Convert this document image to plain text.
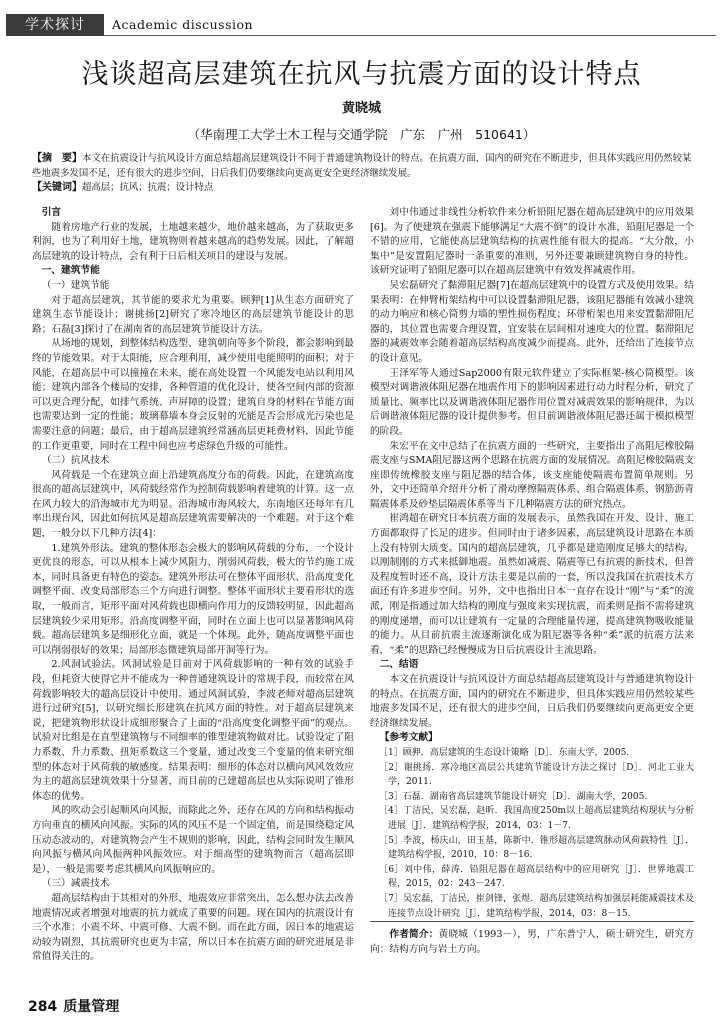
学术探讨	Academic discussion
浅谈超高层建筑在抗风与抗震方面的设计特点
黄晓城
（华南理工大学土木工程与交通学院　广东　广州　510641）

【摘　要】本文在抗震设计与抗风设计方面总结超高层建筑设计不同于普通建筑物设计的特点。在抗震方面，国内的研究在不断进步，但具体实践应用仍然较某些地震多发国不足，还有很大的进步空间，日后我们仍要继续向更高更安全更经济继续发展。

【关键词】超高层；抗风；抗震；设计特点

引言

随着房地产行业的发展，土地越来越少，地价越来越高，为了获取更多利润，也为了利用好土地，建筑物则着越来越高的趋势发展。因此，了解超高层建筑的设计特点，会有利于日后相关项目的建设与发展。

一、建筑节能

（一）建筑节能

对于超高层建筑，其节能的要求尤为重要。顾狎[1]从生态方面研究了建筑生态节能设计；谢挑扬[2]研究了寒冷地区的高层建筑节能设计的思路；石磊[3]探讨了在湖南省的高层建筑节能设计方法。

从场地的规划，到整体结构选型、建筑朝向等多个阶段，都会影响到最终的节能效果。对于太阳能，应合理利用，减少使用电能照明的面积；对于风能，在超高层中可以撞撞在未来，能在高处设置一个风能发电站以利用风能；建筑内部各个楼局的安排，各种管道的优化设计，使各空间内部的资源可以更合理分配，如排气系统、声屏障的设置；建筑自身的材料在节能方面也需要达到一定的性能；玻璃幕墙本身会反射的光能是否会形成光污染也是需要注意的问题；最后，由于超高层建筑经常涵高层更耗费材料，因此节能的工作更重要，同时在工程中间也应考虑绿色升级的可能性。

（二）抗风技术

风荷载是一个在建筑立面上沿建筑高度分布的荷载。因此，在建筑高度很高的超高层建筑中，风荷载经常作为控制荷载影响着建筑的计算。这一点在风力较大的沿海城市尤为明显。沿海城市海风较大，东南地区还每年有几率出现台风，因此如何抗风是超高层建筑需要解决的一个难题。对于这个难题，一般分以下几种方法[4]：

1.建筑外形法。建筑的整体形态会极大的影响风荷载的分布，一个设计更优良的形态，可以从根本上减少风阻力，削弱风荷载，极大的节约施工成本，同时具备更有特色的姿态。建筑外形法可在整体平面形状、沿高度变化调整平面、改变局部形态三个方向进行调整。整体平面形状主要看形状的选取，一般而言，矩形平面对风荷载也即横向作用力的反馈较明显，因此超高层建筑较少采用矩形。沿高度调整平面，同时在立面上也可以显著影响风荷载。超高层建筑多是细形化立面，就是一个体现。此外，随高度调整平面也可以削弱很好的效果；局部形态微建筑局部开洞等行为。

2.风洞试验法。风洞试验是目前对于风荷载影响的一种有效的试验手段，但耗资大使得它并不能成为一种普通建筑设计的常规手段，而较常在风荷载影响较大的超高层设计中使用。通过风洞试验，李波老师对超高层建筑进行过研究[5]，以研究细长形建筑在抗风方面的特性。对于超高层建筑来说，把建筑物形状设计成细形聚合了上面的“沿高度变化调整平面”的观点。试验对比组是在直型建筑物与不同细率的锥型建筑物做对比。试验设定了阻力系数、升力系数、扭矩系数这三个变量，通过改变三个变量的值来研究细型的体态对于风荷载的敏感度。结果表明：细形的体态对以横向风风效效应为主的超高层建筑效果十分显著，而目前的已建超高层也从实际说明了锥形体态的优势。

风的吹动会引起顺风向风振，而除此之外，还存在风的方向和结构振动方向垂直的横风向风振。实际的风的风压不是一个固定值，而是围绕稳定风压动态波动的，对建筑物会产生不规则的影响，因此，结构会同时发生顺风向风振与横风向风振两种风振效应。对于细高型的建筑物而言（超高层即是），一般是需要考虑其横风向风振响应的。

（三）减震技术

超高层结构由于其相对的外形、地震效应非常突出，怎么想办法去改善地震情况或者增强对地震的抗力就成了重要的问题。现在国内的抗震设计有三个水准：小震不坏、中震可修、大震不倒。而在此方面，因日本的地震运动较为剧烈，其抗震研究也更为丰富，所以日本在抗震方面的研究进展是非常值得关注的。

刘中伟通过非线性分析软件来分析铅阻尼器在超高层建筑中的应用效果[6]。为了使建筑在强震下能够满足“大震不倒”的设计水准，铅阻尼器是一个不错的应用，它能使高层建筑结构的抗震性能有很大的提高。“大分散，小集中”是安置阻尼器时一条重要的准则，另外还要兼顾建筑物自身的特性。该研究证明了铅阻尼器可以在超高层建筑中有效发挥减震作用。

吴宏磊研究了黏滞阻尼器[7]在超高层建筑中的设置方式及使用效果。结果表明：在伸臂桁架结构中可以设置黏滞阻尼器，该阻尼器能有效减小建筑的动力响应和核心筒剪力墙的塑性损伤程度；环带桁架也用来安置黏滞阻尼器的，其位置也需要合理设置，宜安装在层间相对速度大的位置。黏滞阻尼器的减震效率会随着超高层结构高度减少而提高。此外，还给出了连接节点的设计意见。

王泽军等人通过Sap2000有限元软件建立了实际框架-核心筒模型。该模型对调谐液体阻尼器在地震作用下的影响因素进行动力时程分析，研究了质量比、频率比以及调谐液体阻尼器作用位置对减震效果的影响规律，为以后调谐液体阻尼器的设计提供参考。但目前调谐液体阻尼器还属于模拟模型的阶段。

朱宏平在文中总结了在抗震方面的一些研究，主要指出了高阻尼橡胶隔震支座与SMA阻尼器这两个思路在抗震方面的发展情况。高阻尼橡胶隔震支座即传统橡胶支座与阻尼器的结合体，该支座能使隔震布置简单规则。另外，文中还简单介绍并分析了滑动摩擦隔震体系、组合隔震体系、钢筋沥青隔震体系及砂垫层隔震体系等当下几种隔震方法的研究热点。

崔鸿超在研究日本抗震方面的发展表示，虽然我国在开发、设计、施工方面都取得了长足的进步。但同时由于诸多因素，高层建筑设计思路在本质上没有特别大质变。国内的超高层建筑，几乎都是建造刚度足够大的结构，以刚制刚的方式来抵御地震。虽然如减震、隔震等已有抗震的新技术，但普及程度暂时还不高，设计方法主要是以前的一套，所以没我国在抗震技术方面还有许多进步空间。另外，文中也指出日本一直存在设计“刚”与“柔”的流派，刚是指通过加大结构的刚度与强度来实现抗震，而柔则是指不需将建筑的刚度递增，而可以让建筑有一定量的合理能量传递，提高建筑物吸收能量的能力。从目前抗震主流逐渐演化成为阻尼器等各种“柔”派的抗震方法来看，“柔”的思路已经慢慢成为日后抗震设计主流思路。

二、结语

本文在抗震设计与抗风设计方面总结超高层建筑设计与普通建筑物设计的特点。在抗震方面，国内的研究在不断进步，但具体实践应用仍然较某些地震多发国不足，还有很大的进步空间，日后我们仍要继续向更高更安全更经济继续发展。

【参考文献】

［1］顾狎．高层建筑的生态设计策略［D］．东南大学，2005.

［2］谢挑扬．寒冷地区高层公共建筑节能设计方法之探讨［D］．河北工业大学，2011.

［3］石磊．湖南省高层建筑节能设计研究［D］．湖南大学，2005.

［4］丁洁民，吴宏磊，赵昕．我国高度250m以上超高层建筑结构现状与分析进展［J］．建筑结构学报，2014，03：1－7.

［5］李波，杨庆山，田玉基，陈新中．锥形超高层建筑脉动风荷载特性［J］．建筑结构学报，2010，10：8－16.

［6］刘中伟，薛涛．铅阻尼器在超高层结构中的应用研究［J］．世界地震工程，2015，02：243－247.

［7］吴宏磊，丁洁民，崔剑锋，张煜．超高层建筑结构加强层耗能减震技术及连接节点设计研究［J］．建筑结构学报，2014，03：8－15.

作者简介：黄晓城（1993－），男，广东普宁人，硕士研究生，研究方向：结构方向与岩土方向。

284 质量管理
